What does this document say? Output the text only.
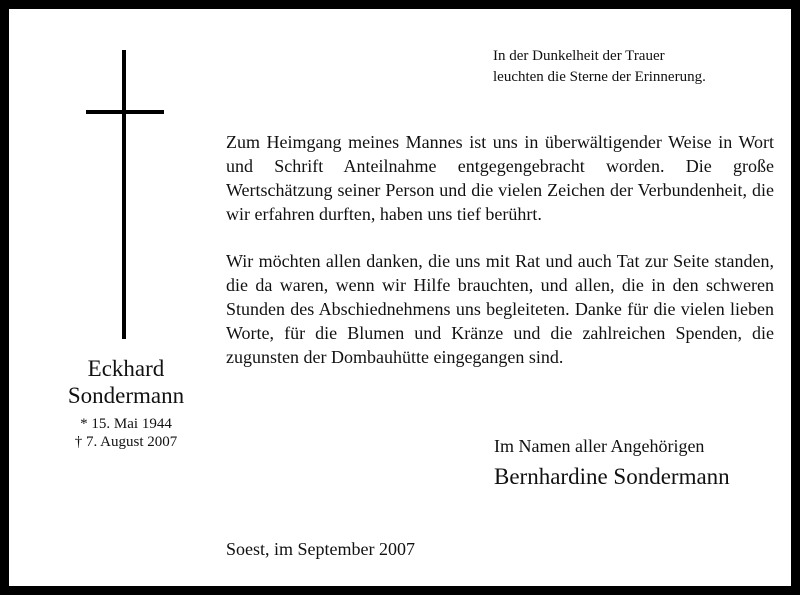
In der Dunkelheit der Trauer
leuchten die Sterne der Erinnerung.
Eckhard
Sondermann
* 15. Mai 1944
† 7. August 2007
Zum Heimgang meines Mannes ist uns in überwältigender Weise in Wort und Schrift Anteilnahme entgegengebracht worden. Die große Wertschätzung seiner Person und die vielen Zeichen der Verbundenheit, die wir erfahren durften, haben uns tief berührt.
Wir möchten allen danken, die uns mit Rat und auch Tat zur Seite standen, die da waren, wenn wir Hilfe brauchten, und allen, die in den schweren Stunden des Abschiednehmens uns begleiteten. Danke für die vielen lieben Worte, für die Blumen und Kränze und die zahlreichen Spenden, die zugunsten der Dombauhütte eingegangen sind.
Im Namen aller Angehörigen
Bernhardine Sondermann
Soest, im September 2007
